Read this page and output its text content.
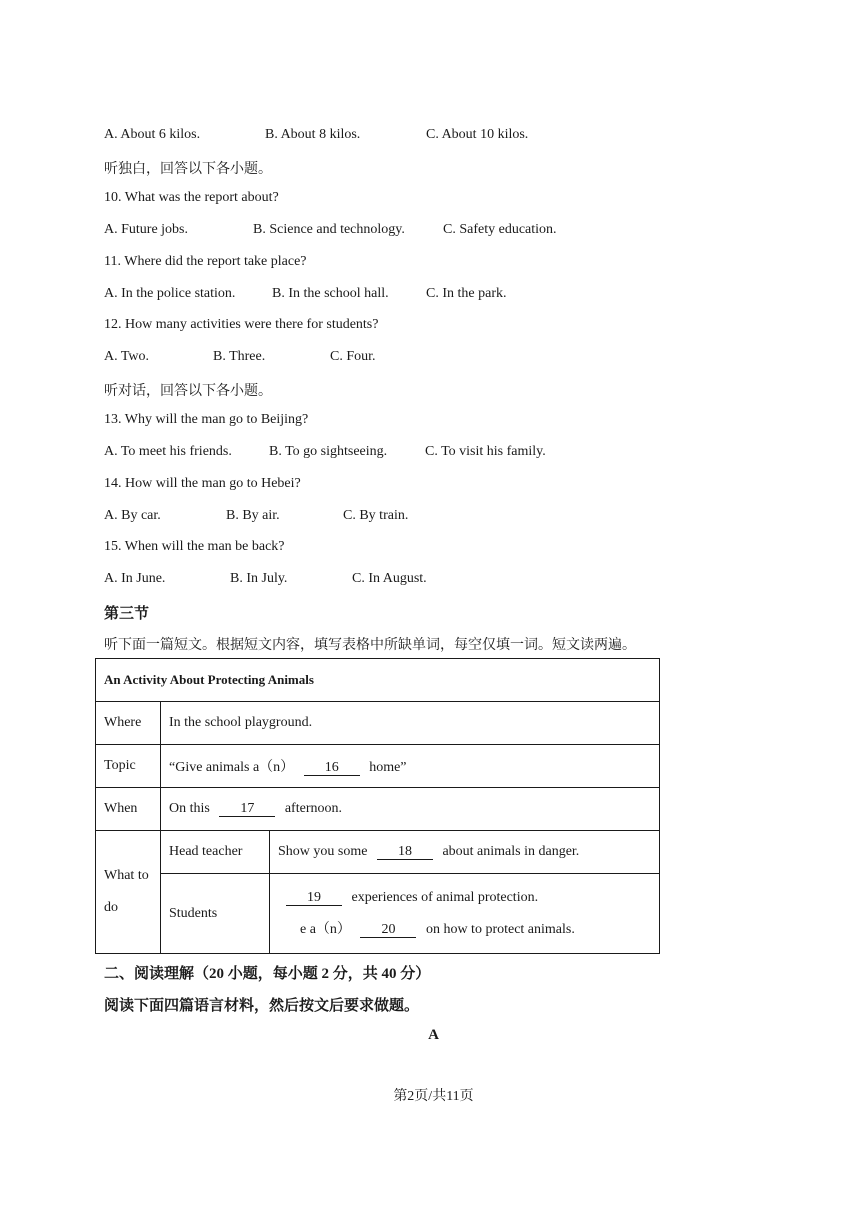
A. About 6 kilos.	B. About 8 kilos.	C. About 10 kilos.
听独白，回答以下各小题。
10. What was the report about?
A. Future jobs.	B. Science and technology.	C. Safety education.
11. Where did the report take place?
A. In the police station.	B. In the school hall.	C. In the park.
12. How many activities were there for students?
A. Two.	B. Three.	C. Four.
听对话，回答以下各小题。
13. Why will the man go to Beijing?
A. To meet his friends.	B. To go sightseeing.	C. To visit his family.
14. How will the man go to Hebei?
A. By car.	B. By air.	C. By train.
15. When will the man be back?
A. In June.	B. In July.	C. In August.
第三节
听下面一篇短文。根据短文内容，填写表格中所缺单词，每空仅填一词。短文读两遍。
An Activity About Protecting Animals		
Where	In the school playground.	
Topic	“Give animals a（n） 16 home”	
When	On this 17 afternoon.	
What to
do	Head teacher	Show you some 18 about animals in danger.
	Students	19 experiences of animal protection.
e a（n） 20 on how to protect animals.
二、阅读理解（20 小题，每小题 2 分，共 40 分）
阅读下面四篇语言材料，然后按文后要求做题。
A
第2页/共11页
